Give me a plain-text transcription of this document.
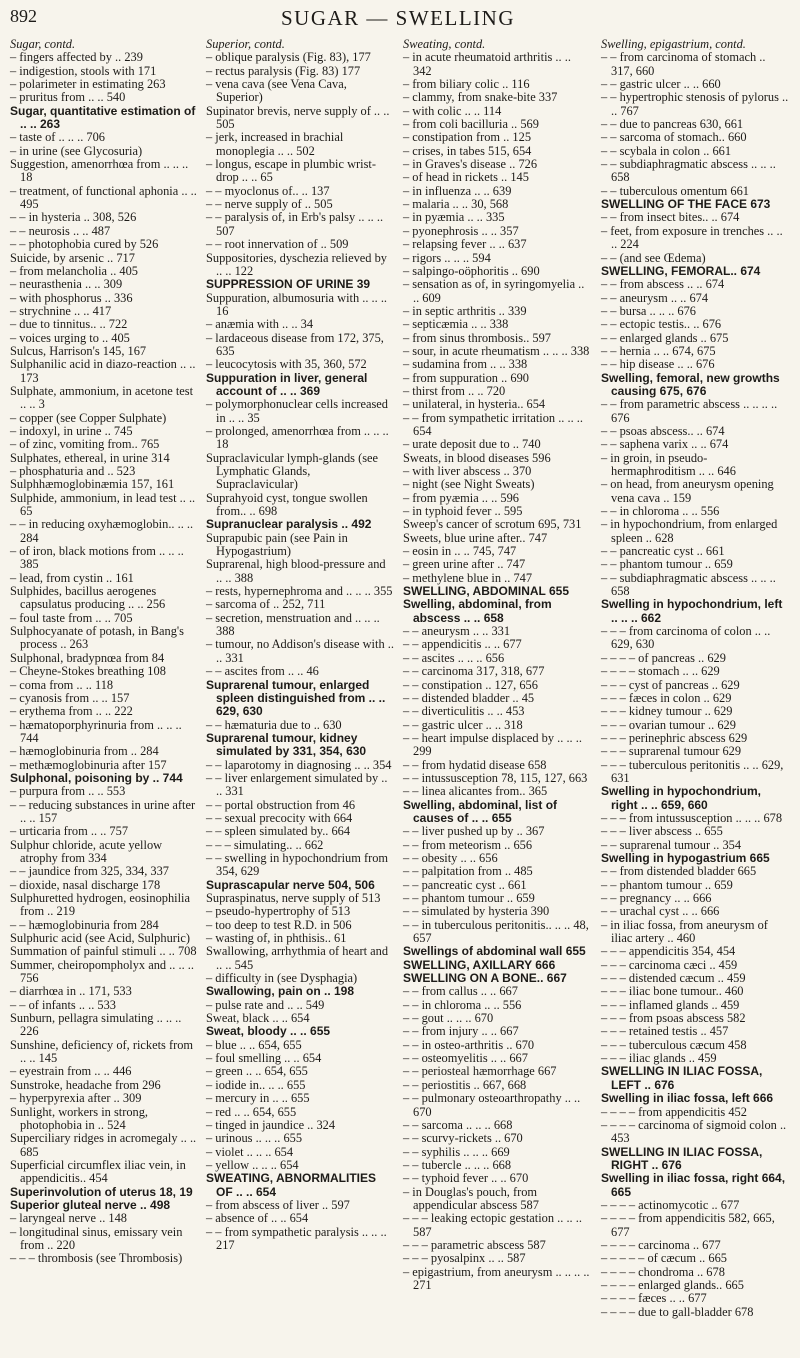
892	SUGAR — SWELLING
Sugar, contd.
– fingers affected by .. 239
– indigestion, stools with 171
– polarimeter in estimating 263
– pruritus from .. .. 540
Sugar, quantitative estimation of .. .. 263
– taste of .. .. .. 706
– in urine (see Glycosuria)
Suggestion, amenorrhœa from .. .. .. 18
– treatment, of functional aphonia .. .. 495
– – in hysteria .. 308, 526
– – neurosis .. .. 487
– – photophobia cured by 526
Suicide, by arsenic .. 717
– from melancholia .. 405
– neurasthenia .. .. 309
– with phosphorus .. 336
– strychnine .. .. 417
– due to tinnitus.. .. 722
– voices urging to .. 405
Sulcus, Harrison's 145, 167
Sulphanilic acid in diazo-reaction .. .. 173
Sulphate, ammonium, in acetone test .. .. 3
– copper (see Copper Sulphate)
– indoxyl, in urine .. 745
– of zinc, vomiting from.. 765
Sulphates, ethereal, in urine 314
– phosphaturia and .. 523
Sulphhæmoglobinæmia 157, 161
Sulphide, ammonium, in lead test .. .. 65
– – in reducing oxyhæmoglobin.. .. .. 284
– of iron, black motions from .. .. .. 385
– lead, from cystin .. 161
Sulphides, bacillus aerogenes capsulatus producing .. .. 256
– foul taste from .. .. 705
Sulphocyanate of potash, in Bang's process .. 263
Sulphonal, bradypnœa from 84
– Cheyne-Stokes breathing 108
– coma from .. .. 118
– cyanosis from .. .. 157
– erythema from .. .. 222
– hæmatoporphyrinuria from .. .. .. 744
– hæmoglobinuria from .. 284
– methæmoglobinuria after 157
Sulphonal, poisoning by .. 744
– purpura from .. .. 553
– – reducing substances in urine after .. .. 157
– urticaria from .. .. 757
Sulphur chloride, acute yellow atrophy from 334
– – jaundice from 325, 334, 337
– dioxide, nasal discharge 178
Sulphuretted hydrogen, eosinophilia from .. 219
– – hæmoglobinuria from 284
Sulphuric acid (see Acid, Sulphuric)
Summation of painful stimuli .. .. 708
Summer, cheiropompholyx and .. .. .. 756
– diarrhœa in .. 171, 533
– – of infants .. .. 533
Sunburn, pellagra simulating .. .. .. 226
Sunshine, deficiency of, rickets from .. .. 145
– eyestrain from .. .. 446
Sunstroke, headache from 296
– hyperpyrexia after .. 309
Sunlight, workers in strong, photophobia in .. 524
Superciliary ridges in acromegaly .. .. 685
Superficial circumflex iliac vein, in appendicitis.. 454
Superinvolution of uterus 18, 19
Superior gluteal nerve .. 498
– laryngeal nerve .. 148
– longitudinal sinus, emissary vein from .. 220
– – – thrombosis (see Thrombosis)
Superior, contd.
– oblique paralysis (Fig. 83), 177
– rectus paralysis (Fig. 83) 177
– vena cava (see Vena Cava, Superior)
Supinator brevis, nerve supply of .. .. 505
– jerk, increased in brachial monoplegia .. .. 502
– longus, escape in plumbic wrist-drop .. .. 65
– – myoclonus of.. .. 137
– – nerve supply of .. 505
– – paralysis of, in Erb's palsy .. .. .. 507
– – root innervation of .. 509
Suppositories, dyschezia relieved by .. .. 122
SUPPRESSION OF URINE 39
Suppuration, albumosuria with .. .. .. 16
– anæmia with .. .. 34
– lardaceous disease from 172, 375, 635
– leucocytosis with 35, 360, 572
Suppuration in liver, general account of .. .. 369
– polymorphonuclear cells increased in .. .. 35
– prolonged, amenorrhœa from .. .. .. 18
Supraclavicular lymph-glands (see Lymphatic Glands, Supraclavicular)
Suprahyoid cyst, tongue swollen from.. .. 698
Supranuclear paralysis .. 492
Suprapubic pain (see Pain in Hypogastrium)
Suprarenal, high blood-pressure and .. .. 388
– rests, hypernephroma and .. .. .. 355
– sarcoma of .. 252, 711
– secretion, menstruation and .. .. .. 388
– tumour, no Addison's disease with .. .. 331
– – ascites from .. .. 46
Suprarenal tumour, enlarged spleen distinguished from .. .. 629, 630
– – hæmaturia due to .. 630
Suprarenal tumour, kidney simulated by 331, 354, 630
– – laparotomy in diagnosing .. .. 354
– – liver enlargement simulated by .. .. 331
– – portal obstruction from 46
– – sexual precocity with 664
– – spleen simulated by.. 664
– – – simulating.. .. 662
– – swelling in hypochondrium from 354, 629
Suprascapular nerve 504, 506
Supraspinatus, nerve supply of 513
– pseudo-hypertrophy of 513
– too deep to test R.D. in 506
– wasting of, in phthisis.. 61
Swallowing, arrhythmia of heart and .. .. 545
– difficulty in (see Dysphagia)
Swallowing, pain on .. 198
– pulse rate and .. .. 549
Sweat, black .. .. 654
Sweat, bloody .. .. 655
– blue .. .. 654, 655
– foul smelling .. .. 654
– green .. .. 654, 655
– iodide in.. .. .. 655
– mercury in .. .. 655
– red .. .. 654, 655
– tinged in jaundice .. 324
– urinous .. .. .. 655
– violet .. .. .. 654
– yellow .. .. .. 654
SWEATING, ABNORMALITIES OF .. .. 654
– from abscess of liver .. 597
– absence of .. .. 654
– – from sympathetic paralysis .. .. .. 217
Sweating, contd.
– in acute rheumatoid arthritis .. .. 342
– from biliary colic .. 116
– clammy, from snake-bite 337
– with colic .. .. 114
– from coli bacilluria .. 569
– constipation from .. 125
– crises, in tabes 515, 654
– in Graves's disease .. 726
– of head in rickets .. 145
– in influenza .. .. 639
– malaria .. .. 30, 568
– in pyæmia .. .. 335
– pyonephrosis .. .. 357
– relapsing fever .. .. 637
– rigors .. .. .. 594
– salpingo-oöphoritis .. 690
– sensation as of, in syringomyelia .. .. 609
– in septic arthritis .. 339
– septicæmia .. .. 338
– from sinus thrombosis.. 597
– sour, in acute rheumatism .. .. .. 338
– sudamina from .. .. 338
– from suppuration .. 690
– thirst from .. .. 720
– unilateral, in hysteria.. 654
– – from sympathetic irritation .. .. .. 654
– urate deposit due to .. 740
Sweats, in blood diseases 596
– with liver abscess .. 370
– night (see Night Sweats)
– from pyæmia .. .. 596
– in typhoid fever .. 595
Sweep's cancer of scrotum 695, 731
Sweets, blue urine after.. 747
– eosin in .. .. 745, 747
– green urine after .. 747
– methylene blue in .. 747
SWELLING, ABDOMINAL 655
Swelling, abdominal, from abscess .. .. 658
– – aneurysm .. .. 331
– – appendicitis .. .. 677
– – ascites .. .. .. 656
– – carcinoma 317, 318, 677
– – constipation .. 127, 656
– – distended bladder .. 45
– – diverticulitis .. .. 453
– – gastric ulcer .. .. 318
– – heart impulse displaced by .. .. .. 299
– – from hydatid disease 658
– – intussusception 78, 115, 127, 663
– – linea alicantes from.. 365
Swelling, abdominal, list of causes of .. .. 655
– – liver pushed up by .. 367
– – from meteorism .. 656
– – obesity .. .. 656
– – palpitation from .. 485
– – pancreatic cyst .. 661
– – phantom tumour .. 659
– – simulated by hysteria 390
– – in tuberculous peritonitis.. .. .. 48, 657
Swellings of abdominal wall 655
SWELLING, AXILLARY 666
SWELLING ON A BONE.. 667
– – from callus .. .. 667
– – in chloroma .. .. 556
– – gout .. .. .. 670
– – from injury .. .. 667
– – in osteo-arthritis .. 670
– – osteomyelitis .. .. 667
– – periosteal hæmorrhage 667
– – periostitis .. 667, 668
– – pulmonary osteoarthropathy .. .. 670
– – sarcoma .. .. .. 668
– – scurvy-rickets .. 670
– – syphilis .. .. .. 669
– – tubercle .. .. .. 668
– – typhoid fever .. .. 670
– in Douglas's pouch, from appendicular abscess 587
– – – leaking ectopic gestation .. .. .. 587
– – – parametric abscess 587
– – – pyosalpinx .. .. 587
– epigastrium, from aneurysm .. .. .. .. 271
Swelling, epigastrium, contd.
– – from carcinoma of stomach .. 317, 660
– – gastric ulcer .. .. 660
– – hypertrophic stenosis of pylorus .. .. 767
– – due to pancreas 630, 661
– – sarcoma of stomach.. 660
– – scybala in colon .. 661
– – subdiaphragmatic abscess .. .. .. 658
– – tuberculous omentum 661
SWELLING OF THE FACE 673
– – from insect bites.. .. 674
– feet, from exposure in trenches .. .. .. 224
– – (and see Œdema)
SWELLING, FEMORAL.. 674
– – from abscess .. .. 674
– – aneurysm .. .. 674
– – bursa .. .. .. 676
– – ectopic testis.. .. 676
– – enlarged glands .. 675
– – hernia .. .. 674, 675
– – hip disease .. .. 676
Swelling, femoral, new growths causing 675, 676
– – from parametric abscess .. .. .. .. 676
– – psoas abscess.. .. 674
– – saphena varix .. .. 674
– in groin, in pseudo-hermaphroditism .. .. 646
– on head, from aneurysm opening vena cava .. 159
– – in chloroma .. .. 556
– in hypochondrium, from enlarged spleen .. 628
– – pancreatic cyst .. 661
– – phantom tumour .. 659
– – subdiaphragmatic abscess .. .. .. 658
Swelling in hypochondrium, left .. .. .. 662
– – – from carcinoma of colon .. .. 629, 630
– – – – of pancreas .. 629
– – – – stomach .. .. 629
– – – cyst of pancreas .. 629
– – – fæces in colon .. 629
– – – kidney tumour .. 629
– – – ovarian tumour .. 629
– – – perinephric abscess 629
– – – suprarenal tumour 629
– – – tuberculous peritonitis .. .. 629, 631
Swelling in hypochondrium, right .. .. 659, 660
– – – from intussusception .. .. .. 678
– – – liver abscess .. 655
– – suprarenal tumour .. 354
Swelling in hypogastrium 665
– – from distended bladder 665
– – phantom tumour .. 659
– – pregnancy .. .. 666
– – urachal cyst .. .. 666
– in iliac fossa, from aneurysm of iliac artery .. 460
– – – appendicitis 354, 454
– – – carcinoma cæci .. 459
– – – distended cæcum .. 459
– – – iliac bone tumour.. 460
– – – inflamed glands .. 459
– – – from psoas abscess 582
– – – retained testis .. 457
– – – tuberculous cæcum 458
– – – iliac glands .. 459
SWELLING IN ILIAC FOSSA, LEFT .. 676
Swelling in iliac fossa, left 666
– – – – from appendicitis 452
– – – – carcinoma of sigmoid colon .. 453
SWELLING IN ILIAC FOSSA, RIGHT .. 676
Swelling in iliac fossa, right 664, 665
– – – – actinomycotic .. 677
– – – – from appendicitis 582, 665, 677
– – – – carcinoma .. 677
– – – – – of cæcum .. 665
– – – – chondroma .. 678
– – – – enlarged glands.. 665
– – – – fæces .. .. 677
– – – – due to gall-bladder 678
